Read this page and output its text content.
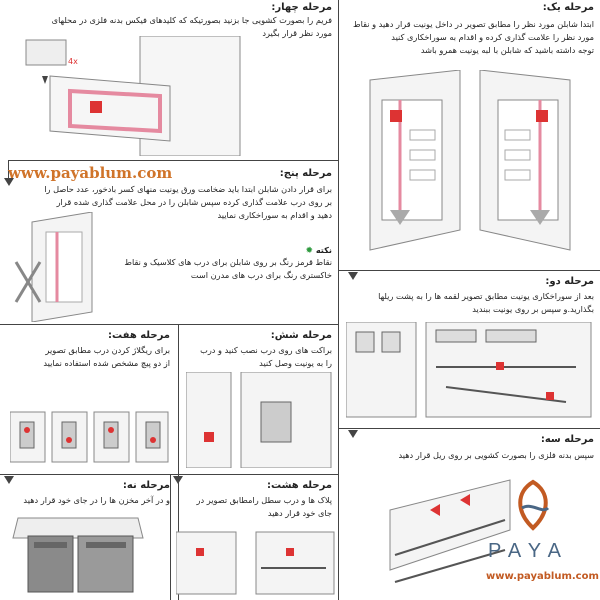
مرحله یک:
ابتدا شابلن مورد نظر را مطابق تصویر در داخل یونیت قرار دهید و نقاط
مورد نظر را علامت گذاری کرده و اقدام به سوراخکاری کنید
توجه داشته باشید که شابلن با لبه یونیت همرو باشد
مرحله چهار:
فریم را بصورت کشویی جا بزنید بصورتیکه که کلیدهای فیکس بدنه فلزی در محلهای
مورد نظر قرار بگیرد
4x
www.payablum.com	مرحله پنج:
برای قرار دادن شابلن ابتدا باید ضخامت ورق یونیت منهای کسر بادخور، عدد حاصل را
بر روی درب علامت گذاری کرده سپس شابلن را در محل علامت گذاری شده قرار
دهید و اقدام به سوراخکاری نمایید
نکته ✹
نقاط قرمز رنگ بر روی شابلن برای درب های کلاسیک و نقاط
خاکستری رنگ برای درب های مدرن است
مرحله دو:
بعد از سوراخکاری یونیت مطابق تصویر لقمه ها را به پشت ریلها
بگذارید.و سپس بر روی یونیت ببندید
مرحله شش:
براکت های روی درب نصب کنید و درب
را به یونیت وصل کنید
مرحله هفت:
برای ریگلاژ کردن درب مطابق تصویر
از دو پیچ مشخص شده استفاده نمایید
مرحله سه:
سپس بدنه فلزی را بصورت کشویی بر روی ریل قرار دهید
PAYA
www.payablum.com
مرحله هشت:
پلاک ها و درب سطل رامطابق تصویر در
جای خود قرار دهید
مرحله نه:
و در آخر مخزن ها را در جای خود قرار دهید
